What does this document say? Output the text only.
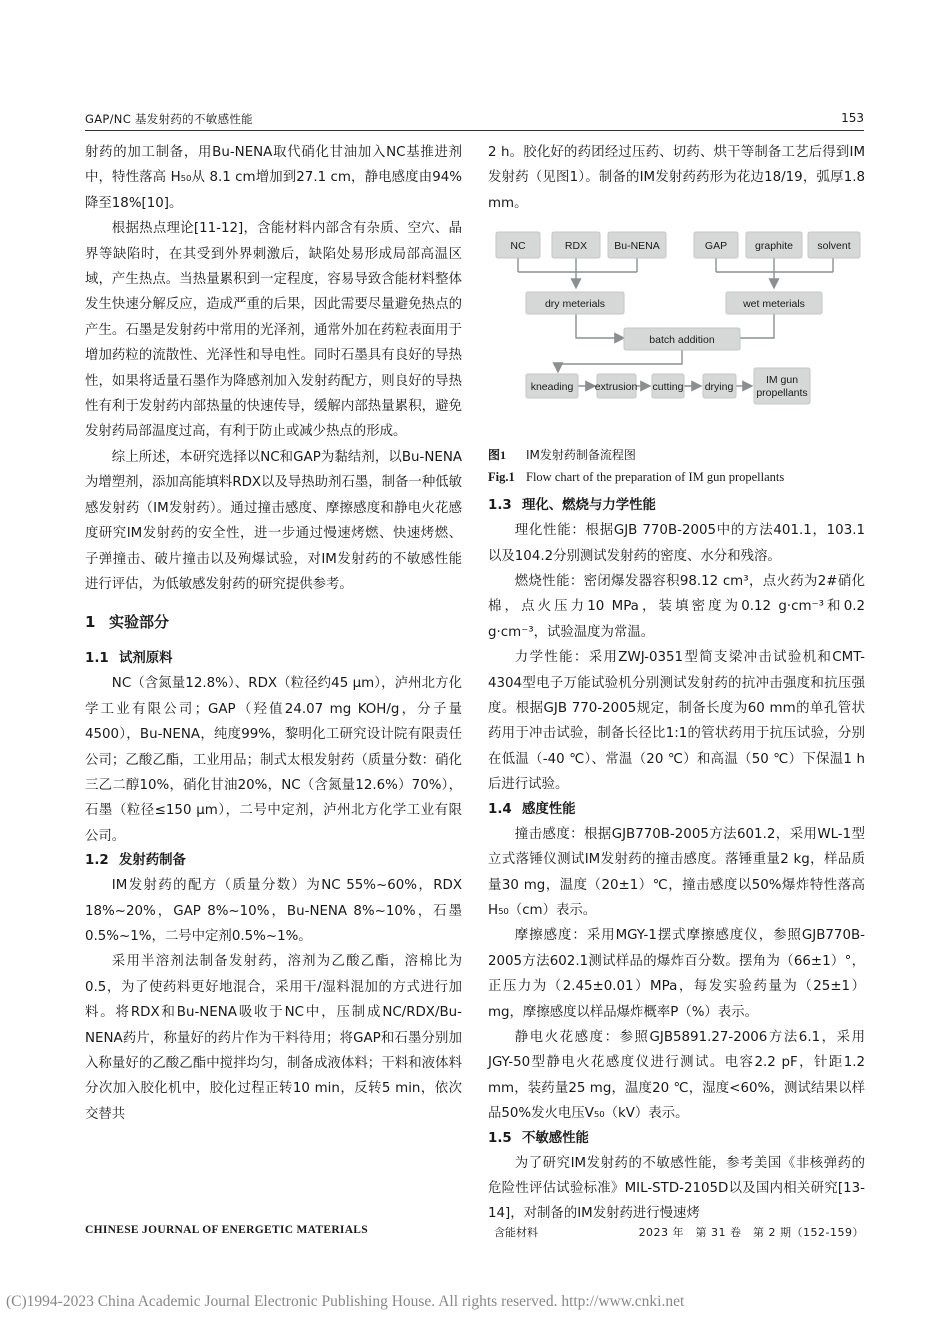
GAP/NC 基发射药的不敏感性能	153

射药的加工制备，用Bu-NENA取代硝化甘油加入NC基推进剂中，特性落高 H₅₀从 8.1 cm增加到27.1 cm，静电感度由94%降至18%[10]。

根据热点理论[11-12]，含能材料内部含有杂质、空穴、晶界等缺陷时，在其受到外界刺激后，缺陷处易形成局部高温区域，产生热点。当热量累积到一定程度，容易导致含能材料整体发生快速分解反应，造成严重的后果，因此需要尽量避免热点的产生。石墨是发射药中常用的光泽剂，通常外加在药粒表面用于增加药粒的流散性、光泽性和导电性。同时石墨具有良好的导热性，如果将适量石墨作为降感剂加入发射药配方，则良好的导热性有利于发射药内部热量的快速传导，缓解内部热量累积，避免发射药局部温度过高，有利于防止或减少热点的形成。

综上所述，本研究选择以NC和GAP为黏结剂，以Bu-NENA为增塑剂，添加高能填料RDX以及导热助剂石墨，制备一种低敏感发射药（IM发射药）。通过撞击感度、摩擦感度和静电火花感度研究IM发射药的安全性，进一步通过慢速烤燃、快速烤燃、子弹撞击、破片撞击以及殉爆试验，对IM发射药的不敏感性能进行评估，为低敏感发射药的研究提供参考。

1 实验部分
1.1 试剂原料

NC（含氮量12.8%）、RDX（粒径约45 μm），泸州北方化学工业有限公司；GAP（羟值24.07 mg KOH/g，分子量4500），Bu-NENA，纯度99%，黎明化工研究设计院有限责任公司；乙酸乙酯，工业用品；制式太根发射药（质量分数：硝化三乙二醇10%，硝化甘油20%，NC（含氮量12.6%）70%），石墨（粒径≤150 μm），二号中定剂，泸州北方化学工业有限公司。

1.2 发射药制备

IM发射药的配方（质量分数）为NC 55%~60%，RDX 18%~20%，GAP 8%~10%，Bu-NENA 8%~10%，石墨 0.5%~1%，二号中定剂0.5%~1%。

采用半溶剂法制备发射药，溶剂为乙酸乙酯，溶棉比为0.5，为了使药料更好地混合，采用干/湿料混加的方式进行加料。将RDX和Bu-NENA吸收于NC中，压制成NC/RDX/Bu-NENA药片，称量好的药片作为干料待用；将GAP和石墨分别加入称量好的乙酸乙酯中搅拌均匀，制备成液体料；干料和液体料分次加入胶化机中，胶化过程正转10 min，反转5 min，依次交替共

2 h。胶化好的药团经过压药、切药、烘干等制备工艺后得到IM发射药（见图1）。制备的IM发射药药形为花边18/19，弧厚1.8 mm。

NC	RDX	Bu-NENA	GAP	graphite solvent
dry meterials	wet meterials
batch addition
kneading extrusion cutting drying
IM gun
propellants
图1 IM发射药制备流程图
Fig.1 Flow chart of the preparation of IM gun propellants
1.3 理化、燃烧与力学性能

理化性能：根据GJB 770B-2005中的方法401.1，103.1以及104.2分别测试发射药的密度、水分和残溶。

燃烧性能：密闭爆发器容积98.12 cm³，点火药为2#硝化棉，点火压力10 MPa，装填密度为0.12 g·cm⁻³和0.2 g·cm⁻³，试验温度为常温。

力学性能：采用ZWJ-0351型简支梁冲击试验机和CMT-4304型电子万能试验机分别测试发射药的抗冲击强度和抗压强度。根据GJB 770-2005规定，制备长度为60 mm的单孔管状药用于冲击试验，制备长径比1:1的管状药用于抗压试验，分别在低温（-40 ℃）、常温（20 ℃）和高温（50 ℃）下保温1 h后进行试验。

1.4 感度性能

撞击感度：根据GJB770B-2005方法601.2，采用WL-1型立式落锤仪测试IM发射药的撞击感度。落锤重量2 kg，样品质量30 mg，温度（20±1）℃，撞击感度以50%爆炸特性落高H₅₀（cm）表示。

摩擦感度：采用MGY-1摆式摩擦感度仪，参照GJB770B-2005方法602.1测试样品的爆炸百分数。摆角为（66±1）°，正压力为（2.45±0.01）MPa，每发实验药量为（25±1）mg，摩擦感度以样品爆炸概率P（%）表示。

静电火花感度：参照GJB5891.27-2006方法6.1，采用JGY-50型静电火花感度仪进行测试。电容2.2 pF，针距1.2 mm，装药量25 mg，温度20 ℃，湿度<60%，测试结果以样品50%发火电压V₅₀（kV）表示。

1.5 不敏感性能

为了研究IM发射药的不敏感性能，参考美国《非核弹药的危险性评估试验标准》MIL-STD-2105D以及国内相关研究[13-14]，对制备的IM发射药进行慢速烤

CHINESE JOURNAL OF ENERGETIC MATERIALS	含能材料	2023 年　第 31 卷　第 2 期（152-159）
(C)1994-2023 China Academic Journal Electronic Publishing House. All rights reserved. http://www.cnki.net
